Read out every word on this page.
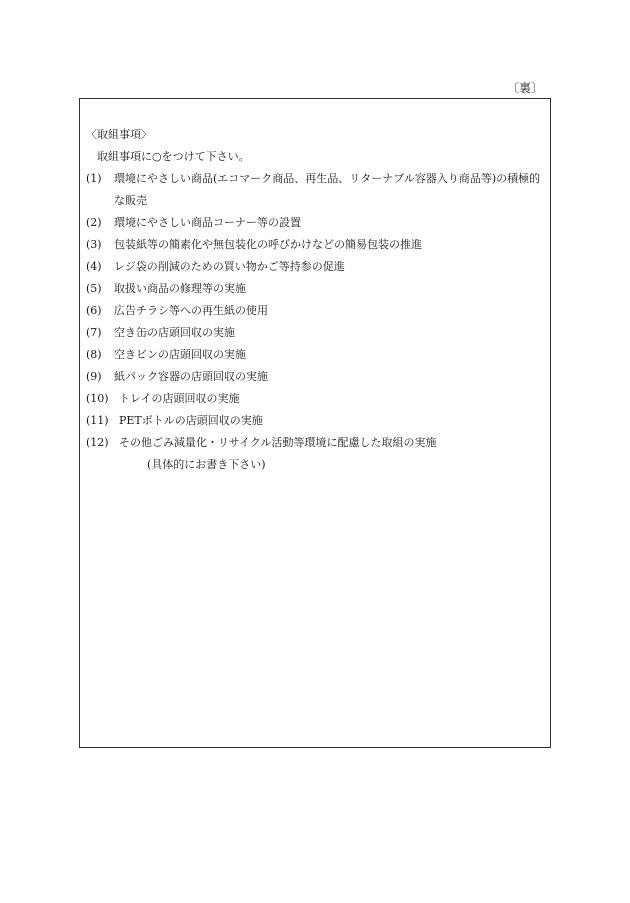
〔裏〕

〈取組事項〉

取組事項に○をつけて下さい。

(1)	環境にやさしい商品(エコマーク商品、再生品、リターナブル容器入り商品等)の積極的な販売
(2)	環境にやさしい商品コーナー等の設置
(3)	包装紙等の簡素化や無包装化の呼びかけなどの簡易包装の推進
(4)	レジ袋の削減のための買い物かご等持参の促進
(5)	取扱い商品の修理等の実施
(6)	広告チラシ等への再生紙の使用
(7)	空き缶の店頭回収の実施
(8)	空きビンの店頭回収の実施
(9)	紙パック容器の店頭回収の実施
(10) トレイの店頭回収の実施
(11) PETボトルの店頭回収の実施
(12) その他ごみ減量化・リサイクル活動等環境に配慮した取組の実施
(具体的にお書き下さい)
